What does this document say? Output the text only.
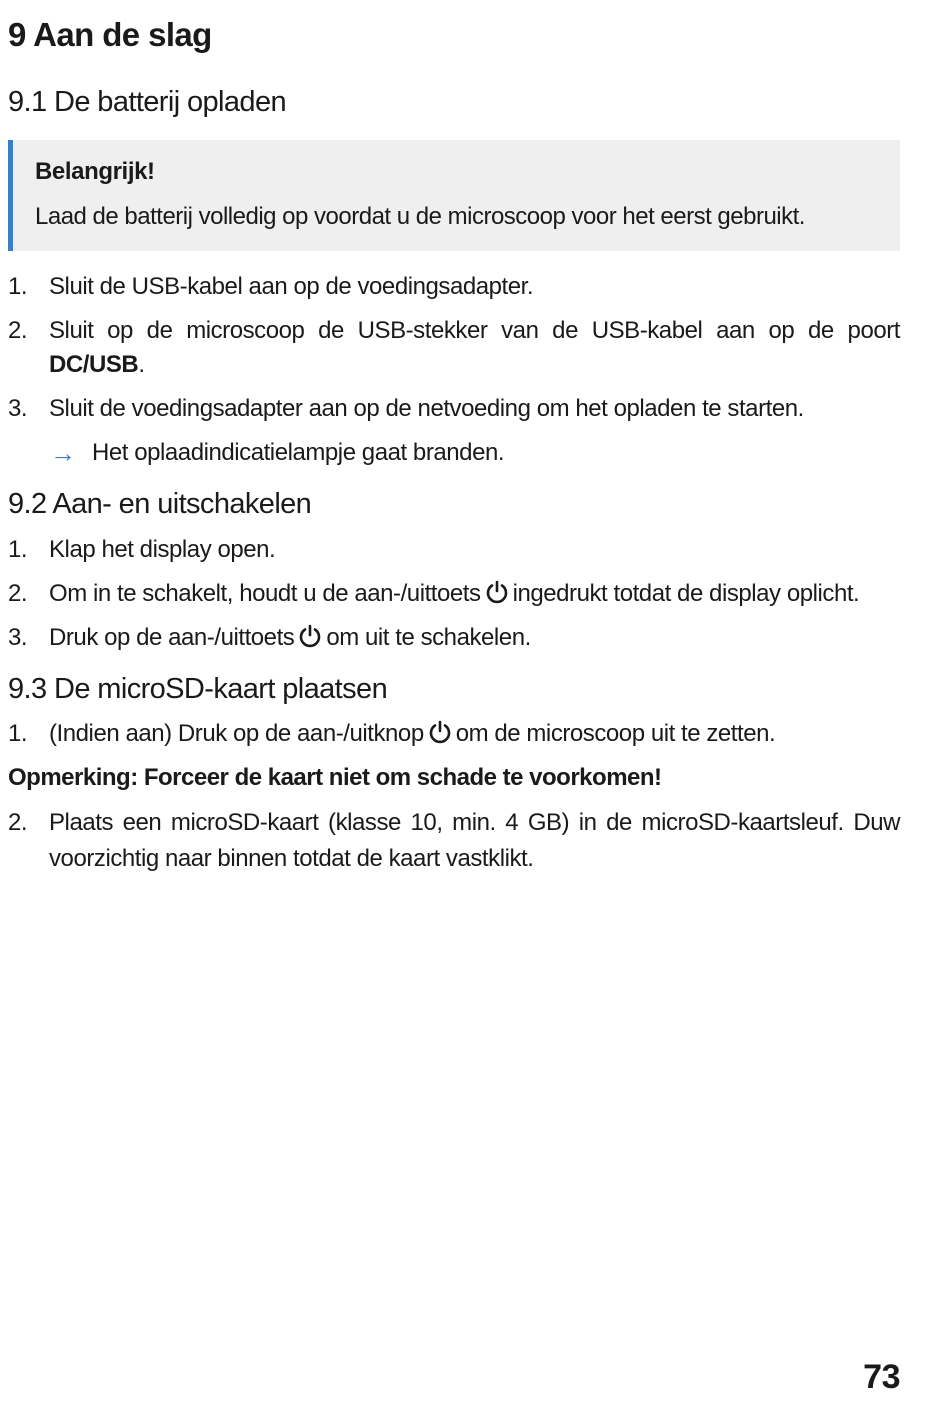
9 Aan de slag
9.1 De batterij opladen
Belangrijk!
Laad de batterij volledig op voordat u de microscoop voor het eerst gebruikt.
1. Sluit de USB-kabel aan op de voedingsadapter.
2. Sluit op de microscoop de USB-stekker van de USB-kabel aan op de poort
DC/USB.
3. Sluit de voedingsadapter aan op de netvoeding om het opladen te starten.
→ Het oplaadindicatielampje gaat branden.
9.2 Aan- en uitschakelen
1. Klap het display open.
2. Om in te schakelt, houdt u de aan-/uittoets ingedrukt totdat de display oplicht.
3. Druk op de aan-/uittoets om uit te schakelen.
9.3 De microSD-kaart plaatsen
1. (Indien aan) Druk op de aan-/uitknop om de microscoop uit te zetten.
Opmerking: Forceer de kaart niet om schade te voorkomen!
2. Plaats een microSD-kaart (klasse 10, min. 4 GB) in de microSD-kaartsleuf. Duw
voorzichtig naar binnen totdat de kaart vastklikt.
73
